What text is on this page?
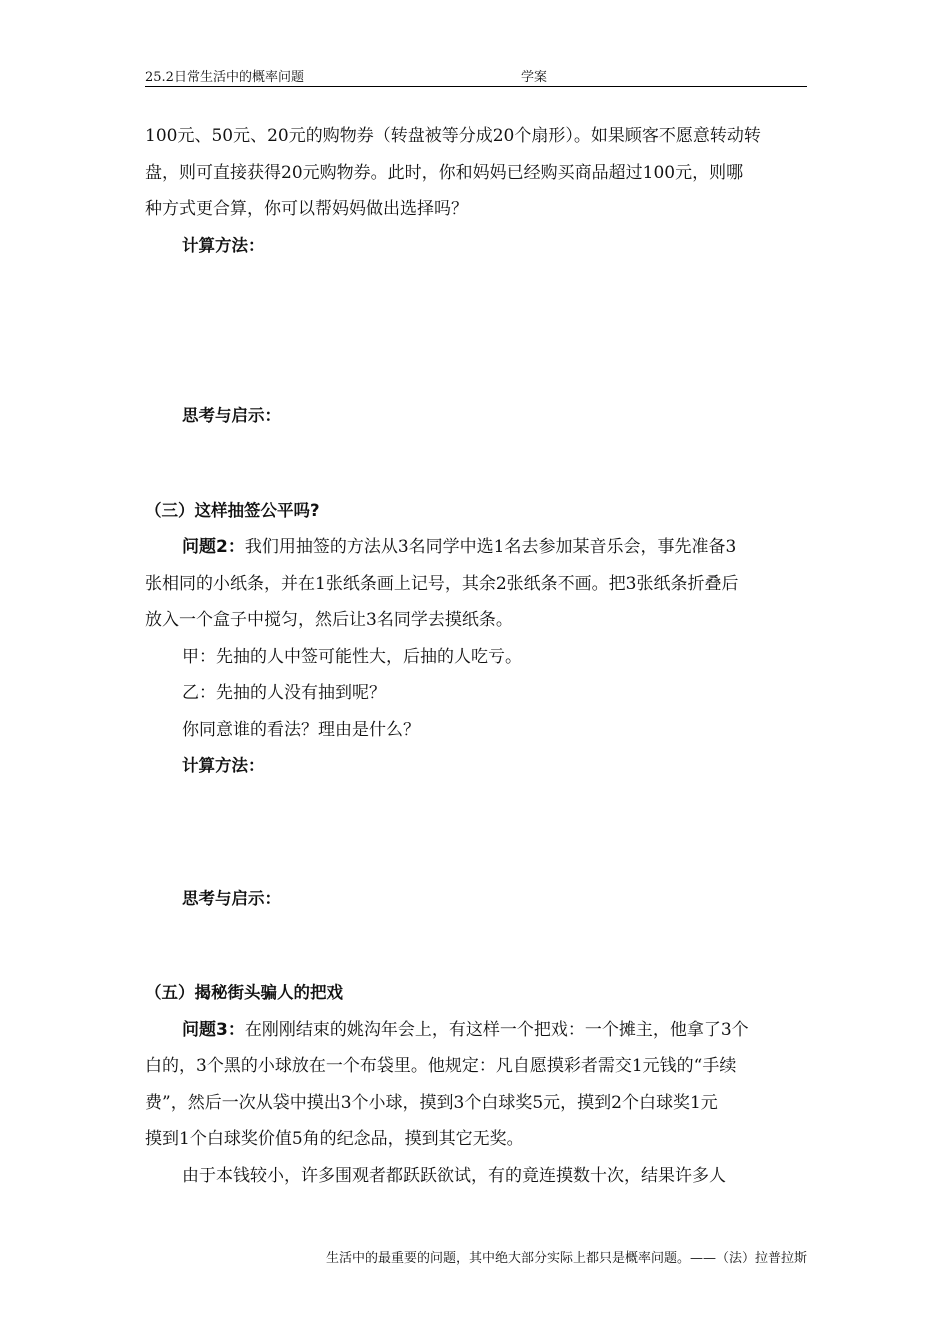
25.2日常生活中的概率问题	学案

100元、50元、20元的购物券（转盘被等分成20个扇形）。如果顾客不愿意转动转

盘，则可直接获得20元购物券。此时，你和妈妈已经购买商品超过100元，则哪

种方式更合算，你可以帮妈妈做出选择吗？

计算方法：

思考与启示：

（三）这样抽签公平吗?

问题2：我们用抽签的方法从3名同学中选1名去参加某音乐会，事先准备3

张相同的小纸条，并在1张纸条画上记号，其余2张纸条不画。把3张纸条折叠后

放入一个盒子中搅匀，然后让3名同学去摸纸条。

甲：先抽的人中签可能性大，后抽的人吃亏。

乙：先抽的人没有抽到呢？

你同意谁的看法？理由是什么？

计算方法：

思考与启示：

（五）揭秘街头骗人的把戏

问题3：在刚刚结束的姚沟年会上，有这样一个把戏：一个摊主，他拿了3个

白的，3个黑的小球放在一个布袋里。他规定：凡自愿摸彩者需交1元钱的“手续

费”，然后一次从袋中摸出3个小球，摸到3个白球奖5元，摸到2个白球奖1元

摸到1个白球奖价值5角的纪念品，摸到其它无奖。

由于本钱较小，许多围观者都跃跃欲试，有的竟连摸数十次，结果许多人

生活中的最重要的问题，其中绝大部分实际上都只是概率问题。——（法）拉普拉斯
